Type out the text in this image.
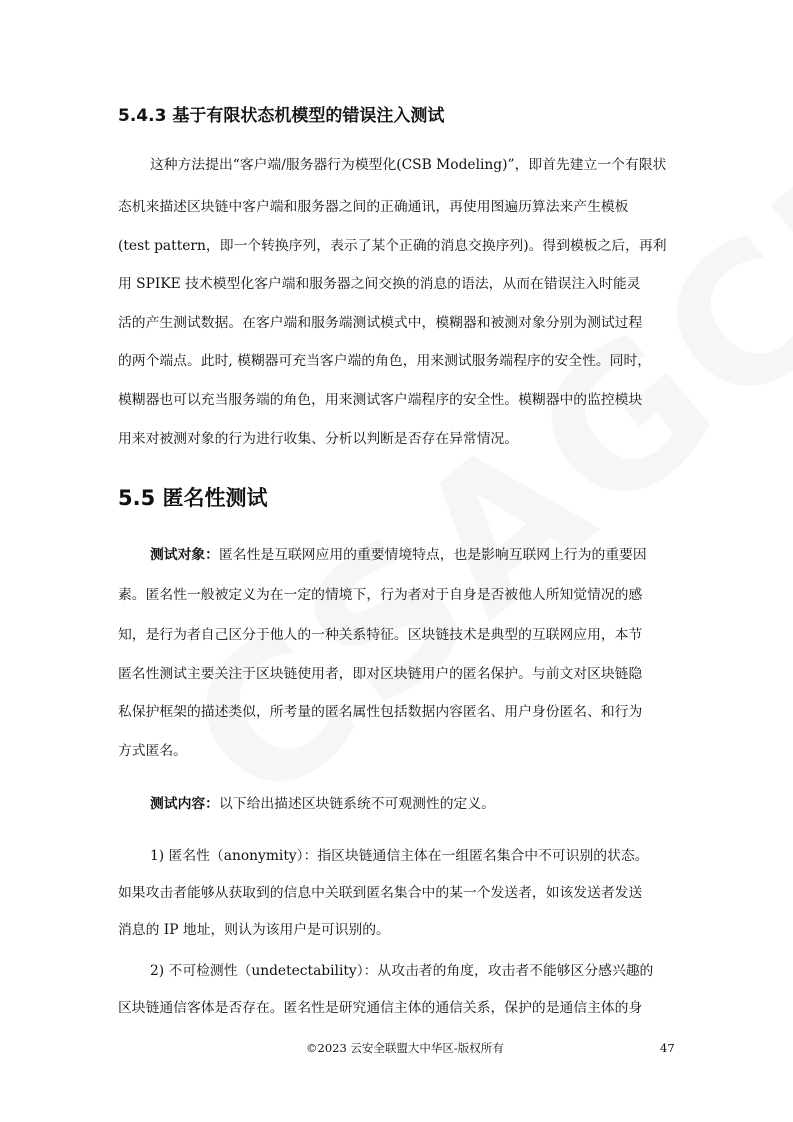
5.4.3 基于有限状态机模型的错误注入测试
这种方法提出“客户端/服务器行为模型化(CSB Modeling)”，即首先建立一个有限状
态机来描述区块链中客户端和服务器之间的正确通讯，再使用图遍历算法来产生模板
(test pattern，即一个转换序列，表示了某个正确的消息交换序列)。得到模板之后，再利
用 SPIKE 技术模型化客户端和服务器之间交换的消息的语法，从而在错误注入时能灵
活的产生测试数据。在客户端和服务端测试模式中，模糊器和被测对象分别为测试过程
的两个端点。此时, 模糊器可充当客户端的角色，用来测试服务端程序的安全性。同时，
模糊器也可以充当服务端的角色，用来测试客户端程序的安全性。模糊器中的监控模块
用来对被测对象的行为进行收集、分析以判断是否存在异常情况。
5.5 匿名性测试
测试对象：匿名性是互联网应用的重要情境特点，也是影响互联网上行为的重要因
素。匿名性一般被定义为在一定的情境下，行为者对于自身是否被他人所知觉情况的感
知，是行为者自己区分于他人的一种关系特征。区块链技术是典型的互联网应用，本节
匿名性测试主要关注于区块链使用者，即对区块链用户的匿名保护。与前文对区块链隐
私保护框架的描述类似，所考量的匿名属性包括数据内容匿名、用户身份匿名、和行为
方式匿名。
测试内容：以下给出描述区块链系统不可观测性的定义。
1) 匿名性（anonymity）：指区块链通信主体在一组匿名集合中不可识别的状态。
如果攻击者能够从获取到的信息中关联到匿名集合中的某一个发送者，如该发送者发送
消息的 IP 地址，则认为该用户是可识别的。
2) 不可检测性（undetectability）：从攻击者的角度，攻击者不能够区分感兴趣的
区块链通信客体是否存在。匿名性是研究通信主体的通信关系，保护的是通信主体的身
©2023 云安全联盟大中华区-版权所有	47
